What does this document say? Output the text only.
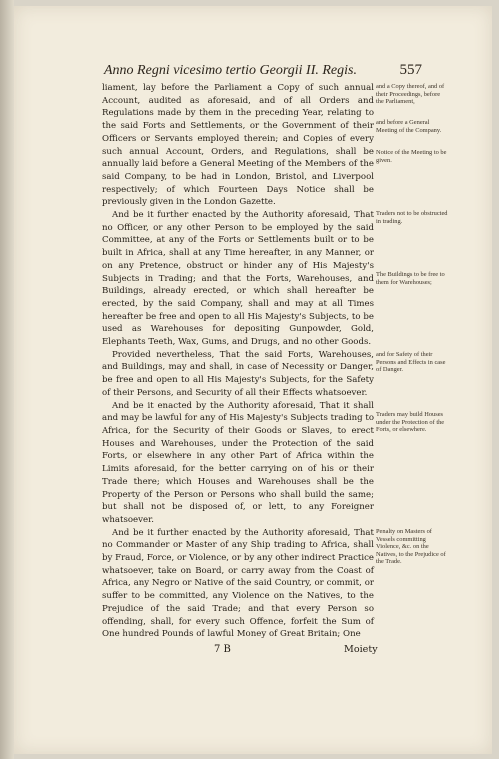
Anno Regni vicesimo tertio Georgii II. Regis.	557

liament, lay before the Parliament a Copy of such annual Account, audited as aforesaid, and of all Orders and Regulations made by them in the preceding Year, relating to the said Forts and Settlements, or the Government of their Officers or Servants employed therein; and Copies of every such annual Account, Orders, and Regulations, shall be annually laid before a General Meeting of the Members of the said Company, to be had in London, Bristol, and Liverpool respectively; of which Fourteen Days Notice shall be previously given in the London Gazette.

And be it further enacted by the Authority aforesaid, That no Officer, or any other Person to be employed by the said Committee, at any of the Forts or Settlements built or to be built in Africa, shall at any Time hereafter, in any Manner, or on any Pretence, obstruct or hinder any of His Majesty's Subjects in Trading; and that the Forts, Warehouses, and Buildings, already erected, or which shall hereafter be erected, by the said Company, shall and may at all Times hereafter be free and open to all His Majesty's Subjects, to be used as Warehouses for depositing Gunpowder, Gold, Elephants Teeth, Wax, Gums, and Drugs, and no other Goods.

Provided nevertheless, That the said Forts, Warehouses, and Buildings, may and shall, in case of Necessity or Danger, be free and open to all His Majesty's Subjects, for the Safety of their Persons, and Security of all their Effects whatsoever.

And be it enacted by the Authority aforesaid, That it shall and may be lawful for any of His Majesty's Subjects trading to Africa, for the Security of their Goods or Slaves, to erect Houses and Warehouses, under the Protection of the said Forts, or elsewhere in any other Part of Africa within the Limits aforesaid, for the better carrying on of his or their Trade there; which Houses and Warehouses shall be the Property of the Person or Persons who shall build the same; but shall not be disposed of, or lett, to any Foreigner whatsoever.

And be it further enacted by the Authority aforesaid, That no Commander or Master of any Ship trading to Africa, shall by Fraud, Force, or Violence, or by any other indirect Practice whatsoever, take on Board, or carry away from the Coast of Africa, any Negro or Native of the said Country, or commit, or suffer to be committed, any Violence on the Natives, to the Prejudice of the said Trade; and that every Person so offending, shall, for every such Offence, forfeit the Sum of One hundred Pounds of lawful Money of Great Britain; One

and a Copy thereof, and of their Proceedings, before the Parliament,
and before a General Meeting of the Company.
Notice of the Meeting to be given.
Traders not to be obstructed in trading.
The Buildings to be free to them for Warehouses;
and for Safety of their Persons and Effects in case of Danger.
Traders may build Houses under the Protection of the Forts, or elsewhere.
Penalty on Masters of Vessels committing Violence, &c. on the Natives, to the Prejudice of the Trade.
7 B	Moiety
